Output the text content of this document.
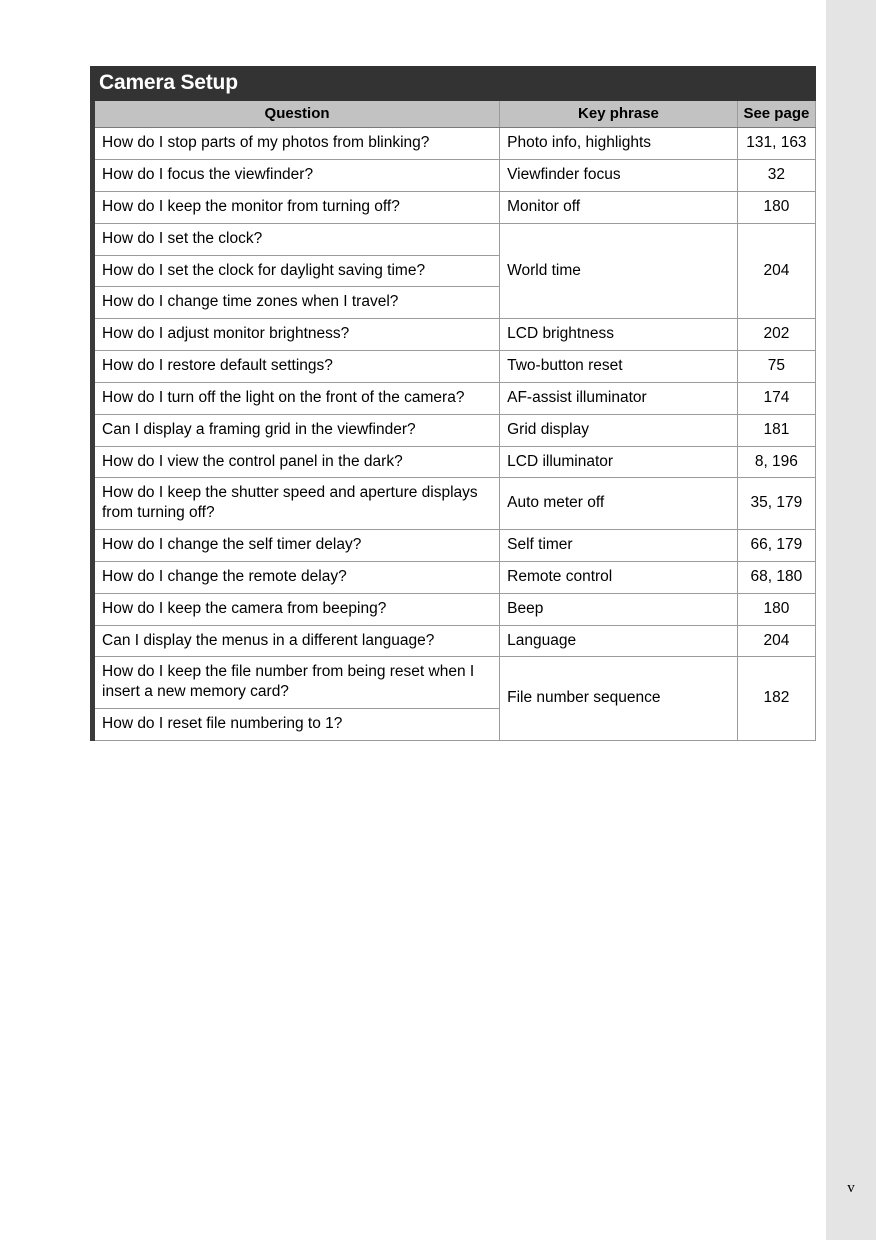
v
Camera Setup
Question	Key phrase	See page
How do I stop parts of my photos from blinking?	Photo info, highlights	131, 163
How do I focus the viewfinder?	Viewfinder focus	32
How do I keep the monitor from turning off?	Monitor off	180
How do I set the clock?	World time	204
How do I set the clock for daylight saving time?		
How do I change time zones when I travel?		
How do I adjust monitor brightness?	LCD brightness	202
How do I restore default settings?	Two-button reset	75
How do I turn off the light on the front of the camera?	AF-assist illuminator	174
Can I display a framing grid in the viewfinder?	Grid display	181
How do I view the control panel in the dark?	LCD illuminator	8, 196
How do I keep the shutter speed and aperture displays from turning off?	Auto meter off	35, 179
How do I change the self timer delay?	Self timer	66, 179
How do I change the remote delay?	Remote control	68, 180
How do I keep the camera from beeping?	Beep	180
Can I display the menus in a different language?	Language	204
How do I keep the file number from being reset when I insert a new memory card?	File number sequence	182
How do I reset file numbering to 1?		
